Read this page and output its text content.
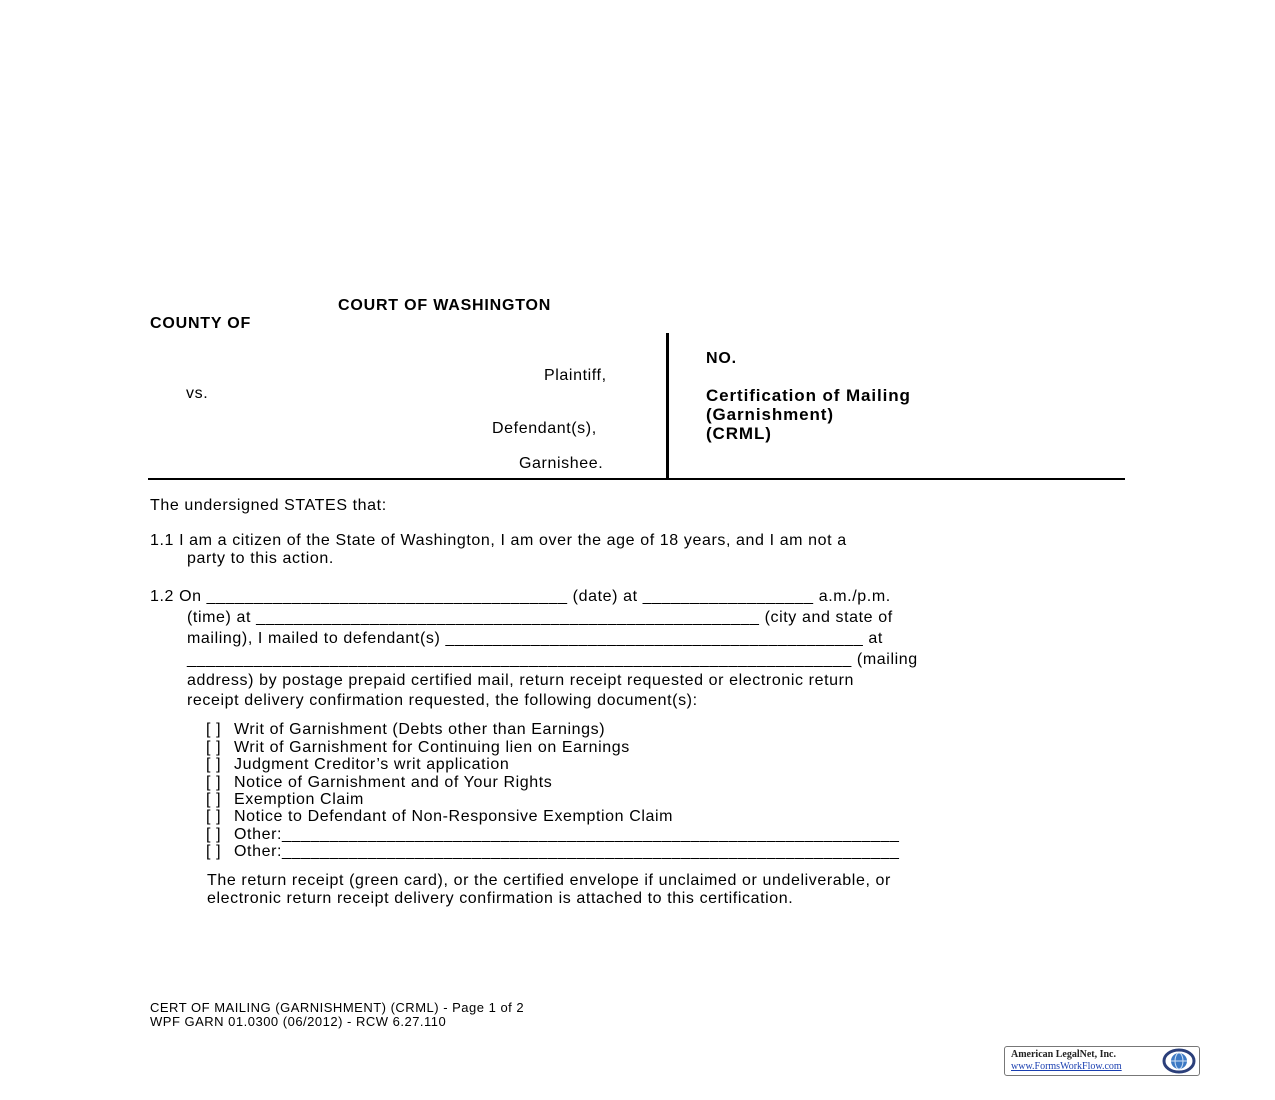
COURT OF WASHINGTON
COUNTY OF
Plaintiff,
vs.
Defendant(s),
Garnishee.
NO.
Certification of Mailing
(Garnishment)
(CRML)
The undersigned STATES that:
1.1 I am a citizen of the State of Washington, I am over the age of 18 years, and I am not a
party to this action.
1.2 On ______________________________________ (date) at __________________ a.m./p.m.
(time) at _____________________________________________________ (city and state of
mailing), I mailed to defendant(s) ____________________________________________ at
______________________________________________________________________ (mailing
address) by postage prepaid certified mail, return receipt requested or electronic return
receipt delivery confirmation requested, the following document(s):
[ ] Writ of Garnishment (Debts other than Earnings)
[ ] Writ of Garnishment for Continuing lien on Earnings
[ ] Judgment Creditor’s writ application
[ ] Notice of Garnishment and of Your Rights
[ ] Exemption Claim
[ ] Notice to Defendant of Non-Responsive Exemption Claim
[ ] Other:_________________________________________________________________
[ ] Other:_________________________________________________________________
The return receipt (green card), or the certified envelope if unclaimed or undeliverable, or
electronic return receipt delivery confirmation is attached to this certification.
CERT OF MAILING (GARNISHMENT) (CRML) - Page 1 of 2
WPF GARN 01.0300 (06/2012) - RCW 6.27.110
American LegalNet, Inc.
www.FormsWorkFlow.com
